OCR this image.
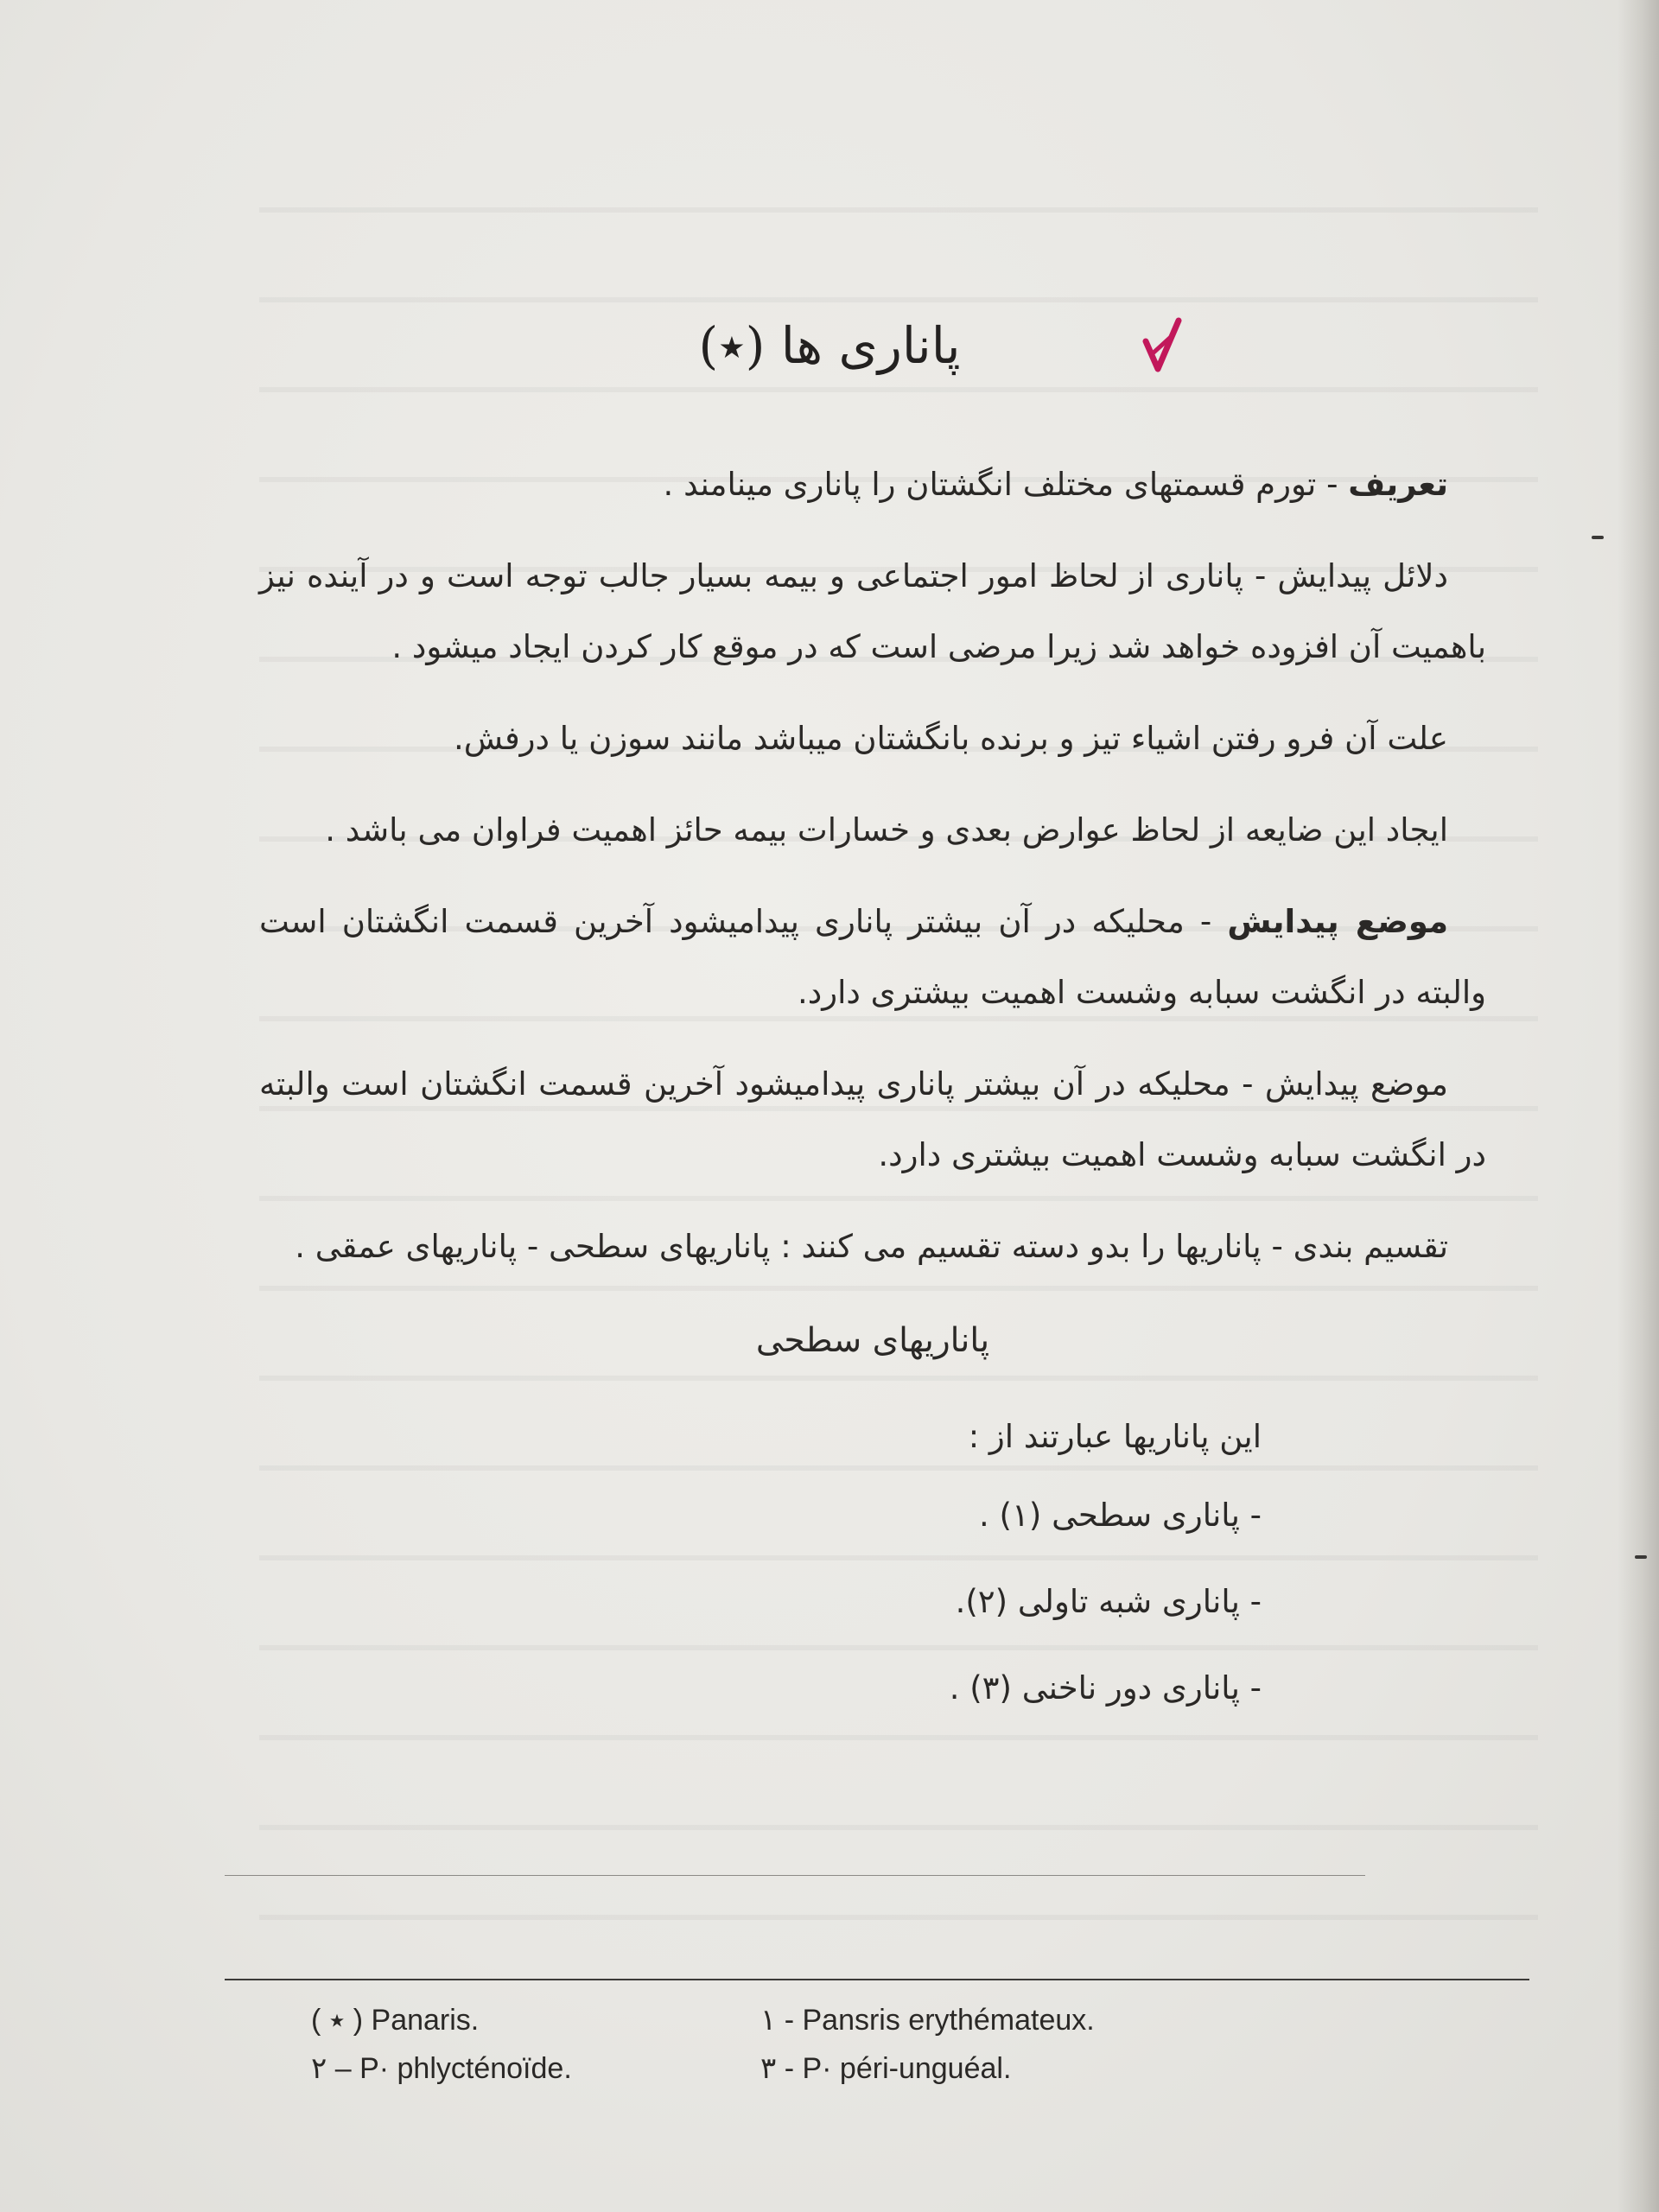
پاناری ها (٭)

تعریف - تورم قسمتهای مختلف انگشتان را پاناری مینامند .

دلائل پیدایش - پاناری از لحاظ امور اجتماعی و بیمه بسیار جالب توجه است و در آینده نیز باهمیت آن افزوده خواهد شد زیرا مرضی است که در موقع کار کردن ایجاد میشود .

علت آن فرو رفتن اشیاء تیز و برنده بانگشتان میباشد مانند سوزن یا درفش.

ایجاد این ضایعه از لحاظ عوارض بعدی و خسارات بیمه حائز اهمیت فراوان می باشد .

موضع پیدایش - محلیکه در آن بیشتر پاناری پیدامیشود آخرین قسمت انگشتان است والبته در انگشت سبابه وشست اهمیت بیشتری دارد.

موضع پیدایش - محلیکه در آن بیشتر پاناری پیدامیشود آخرین قسمت انگشتان است والبته در انگشت سبابه وشست اهمیت بیشتری دارد.

تقسیم بندی - پاناریها را بدو دسته تقسیم می کنند : پاناریهای سطحی - پاناریهای عمقی .

پاناریهای سطحی

این پاناریها عبارتند از :

- پاناری سطحی (١) .
- پاناری شبه تاولی (٢).
- پاناری دور ناخنی (٣) .
( ٭ ) Panaris.	١ - Pansris erythémateux.
٢ – P· phlycténoïde.	٣ - P· péri-unguéal.
